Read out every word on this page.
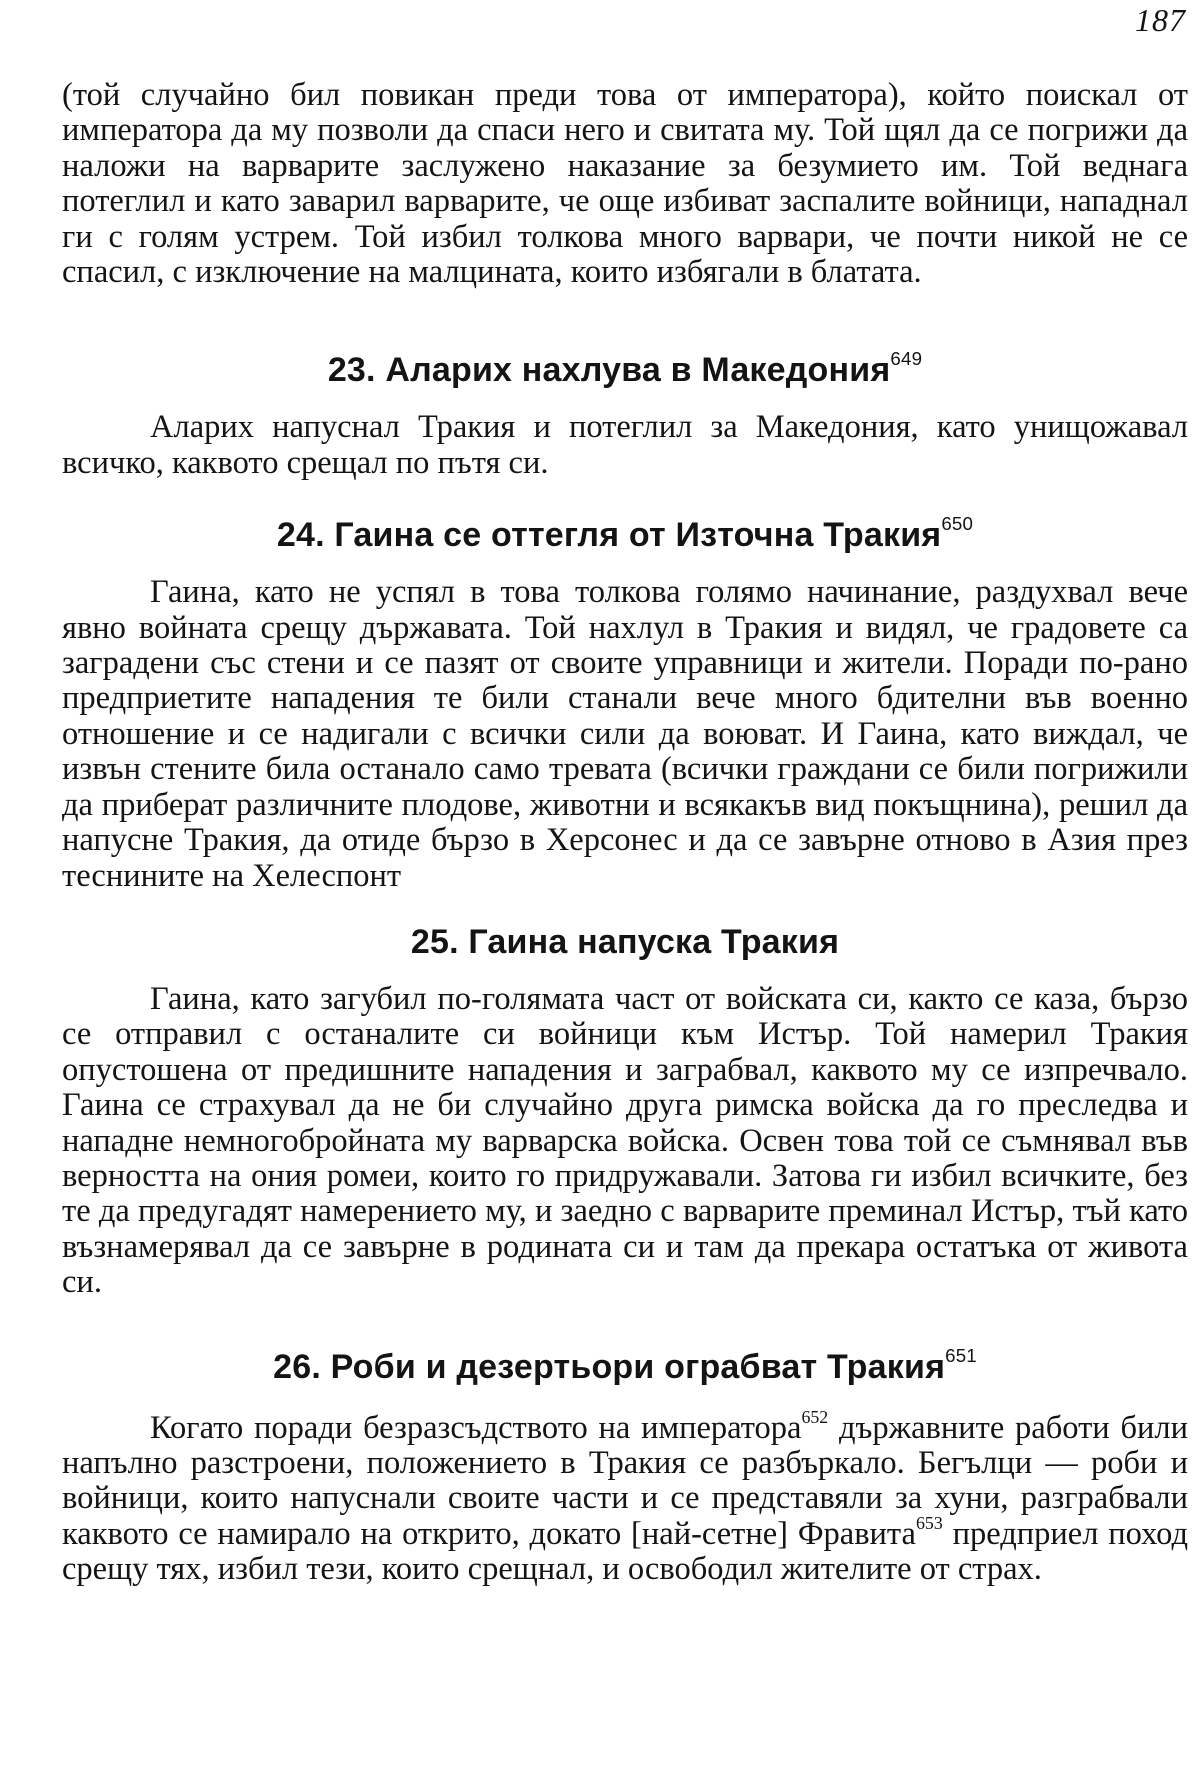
187

(той случайно бил повикан преди това от императора), който поискал от императора да му позволи да спаси него и свитата му. Той щял да се погрижи да наложи на варварите заслужено наказание за безумието им. Той веднага потеглил и като заварил варварите, че още избиват заспалите войници, нападнал ги с голям устрем. Той избил толкова много варвари, че почти никой не се спасил, с изключение на малцината, които избягали в блатата.

23. Аларих нахлува в Македония$^{649}$

Аларих напуснал Тракия и потеглил за Македония, като унищожавал всичко, каквото срещал по пътя си.

24. Гаина се оттегля от Източна Тракия$^{650}$

Гаина, като не успял в това толкова голямо начинание, раздухвал вече явно войната срещу държавата. Той нахлул в Тракия и видял, че градовете са заградени със стени и се пазят от своите управници и жители. Поради по-рано предприетите нападения те били станали вече много бдителни във военно отношение и се надигали с всички сили да воюват. И Гаина, като виждал, че извън стените била останало само тревата (всички граждани се били погрижили да приберат различните плодове, животни и всякакъв вид покъщнина), решил да напусне Тракия, да отиде бързо в Херсонес и да се завърне отново в Азия през теснините на Хелеспонт

25. Гаина напуска Тракия

Гаина, като загубил по-голямата част от войската си, както се каза, бързо се отправил с останалите си войници към Истър. Той намерил Тракия опустошена от предишните нападения и заграбвал, каквото му се изпречвало. Гаина се страхувал да не би случайно друга римска войска да го преследва и нападне немногобройната му варварска войска. Освен това той се съмнявал във верността на ония ромеи, които го придружавали. Затова ги избил всичките, без те да предугадят намерението му, и заедно с варварите преминал Истър, тъй като възнамерявал да се завърне в родината си и там да прекара остатъка от живота си.

26. Роби и дезертьори ограбват Тракия$^{651}$

Когато поради безразсъдството на императора$^{652}$ държавните работи били напълно разстроени, положението в Тракия се разбъркало. Бегълци — роби и войници, които напуснали своите части и се представяли за хуни, разграбвали каквото се намирало на открито, докато [най-сетне] Фравита$^{653}$ предприел поход срещу тях, избил тези, които срещнал, и освободил жителите от страх.
